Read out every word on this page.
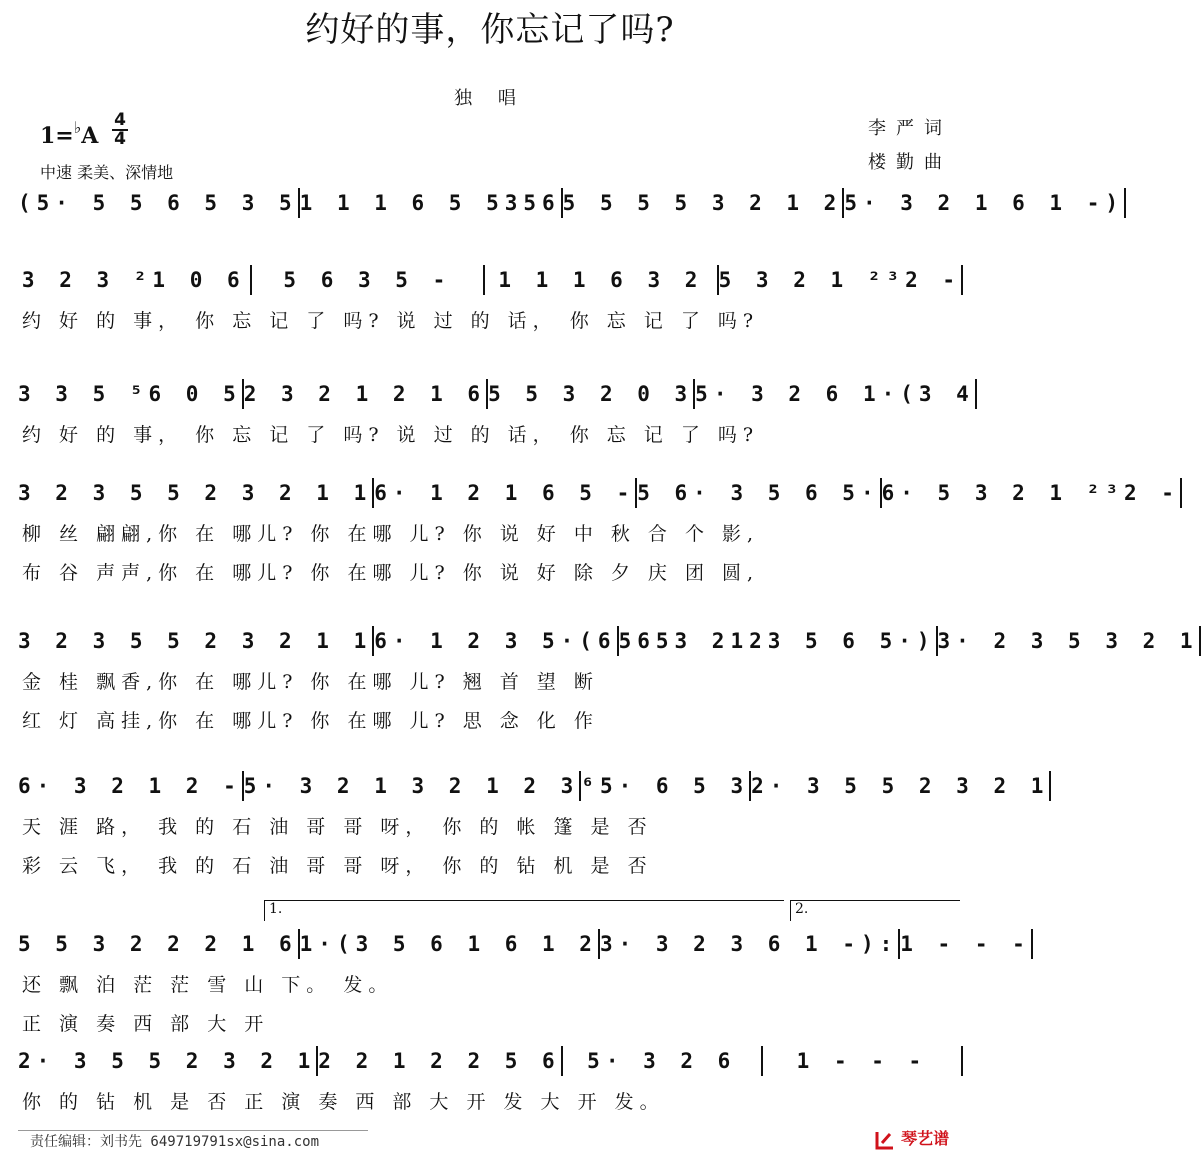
约好的事，你忘记了吗?
独 唱
1=♭A
4
4
中速 柔美、深情地
李严词
楼勤曲
(5· 5 5 6 5 3 5 1 1 1 6 5 5356 5 5 5 5 3 2 1 2 5· 3 2 1 6 1 -)
3 2 3 ²1 0 6	5 6 3 5 -	1 1 1 6 3 2 5 3 2 1 ²³2 -
约 好 的 事， 你 忘 记 了 吗? 说 过 的 话， 你 忘 记 了 吗?
3 3 5 ⁵6 0 5 2 3 2 1 2 1 6 5 5 3 2 0 3 5· 3 2 6 1·(3 4
约 好 的 事， 你 忘 记 了 吗? 说 过 的 话， 你 忘 记 了 吗?
3 2 3 5 5 2 3 2 1 1 6· 1 2 1 6 5 - 5 6· 3 5 6 5· 6· 5 3 2 1 ²³2 -
柳 丝 翩翩,你 在 哪儿? 你 在哪 儿? 你 说 好 中 秋 合 个 影,
布 谷 声声,你 在 哪儿? 你 在哪 儿? 你 说 好 除 夕 庆 团 圆,
3 2 3 5 5 2 3 2 1 1 6· 1 2 3 5·(6 5653 2123 5 6 5·) 3· 2 3 5 3 2 1
金 桂 飘香,你 在 哪儿? 你 在哪 儿? 翘 首 望 断
红 灯 高挂,你 在 哪儿? 你 在哪 儿? 思 念 化 作
6· 3 2 1 2 - 5· 3 2 1 3 2 1 2 3 ⁶5· 6 5 3 2· 3 5 5 2 3 2 1
天 涯 路， 我 的 石 油 哥 哥 呀， 你 的 帐 篷 是 否
彩 云 飞， 我 的 石 油 哥 哥 呀， 你 的 钻 机 是 否
5 5 3 2 2 2 1 6 1·(3 5 6 1 6 1 2 3· 3 2 3 6 1 -): 1 - - -
还 飘 泊 茫 茫 雪 山 下。 发。
正 演 奏 西 部 大 开
2· 3 5 5 2 3 2 1 2 2 1 2 2 5 6	5· 3 2 6	1 - - -
你 的 钻 机 是 否 正 演 奏 西 部 大 开 发 大 开 发。
1.	2.
责任编辑：刘书先 649719791sx@sina.com	琴艺谱
